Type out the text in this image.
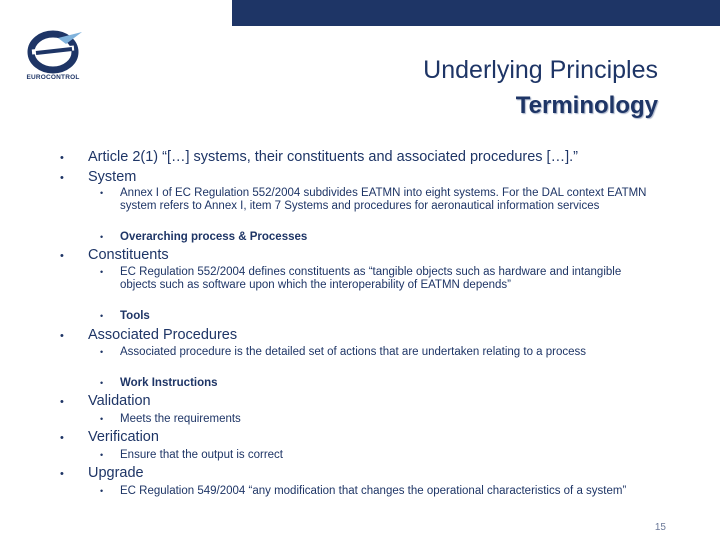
EUROCONTROL	Underlying Principles
Terminology
• Article 2(1) “[…] systems, their constituents and associated procedures […].”
• System
• Annex I of EC Regulation 552/2004 subdivides EATMN into eight systems. For the DAL context EATMN system refers to Annex I, item 7 Systems and procedures for aeronautical information services
• Overarching process & Processes
• Constituents
• EC Regulation 552/2004 defines constituents as “tangible objects such as hardware and intangible objects such as software upon which the interoperability of EATMN depends”
• Tools
• Associated Procedures
• Associated procedure is the detailed set of actions that are undertaken relating to a process
• Work Instructions
• Validation
• Meets the requirements
• Verification
• Ensure that the output is correct
• Upgrade
• EC Regulation 549/2004 “any modification that changes the operational characteristics of a system”
15
